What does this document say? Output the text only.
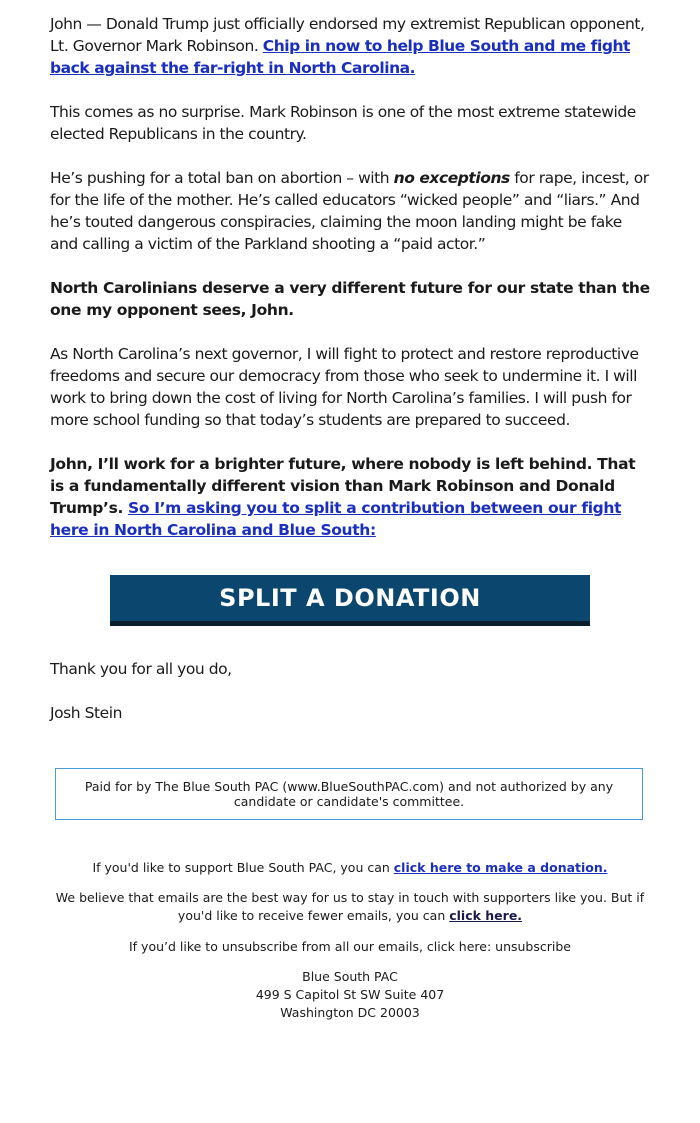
John — Donald Trump just officially endorsed my extremist Republican opponent, Lt. Governor Mark Robinson. Chip in now to help Blue South and me fight back against the far-right in North Carolina.

This comes as no surprise. Mark Robinson is one of the most extreme statewide elected Republicans in the country.

He’s pushing for a total ban on abortion – with no exceptions for rape, incest, or for the life of the mother. He’s called educators “wicked people” and “liars.” And he’s touted dangerous conspiracies, claiming the moon landing might be fake and calling a victim of the Parkland shooting a “paid actor.”

North Carolinians deserve a very different future for our state than the one my opponent sees, John.

As North Carolina’s next governor, I will fight to protect and restore reproductive freedoms and secure our democracy from those who seek to undermine it. I will work to bring down the cost of living for North Carolina’s families. I will push for more school funding so that today’s students are prepared to succeed.

John, I’ll work for a brighter future, where nobody is left behind. That is a fundamentally different vision than Mark Robinson and Donald Trump’s. So I’m asking you to split a contribution between our fight here in North Carolina and Blue South:

SPLIT A DONATION

Thank you for all you do,

Josh Stein

Paid for by The Blue South PAC (www.BlueSouthPAC.com) and not authorized by any candidate or candidate's committee.

If you'd like to support Blue South PAC, you can click here to make a donation.

We believe that emails are the best way for us to stay in touch with supporters like you. But if you'd like to receive fewer emails, you can click here.

If you’d like to unsubscribe from all our emails, click here: unsubscribe

Blue South PAC

499 S Capitol St SW Suite 407

Washington DC 20003
